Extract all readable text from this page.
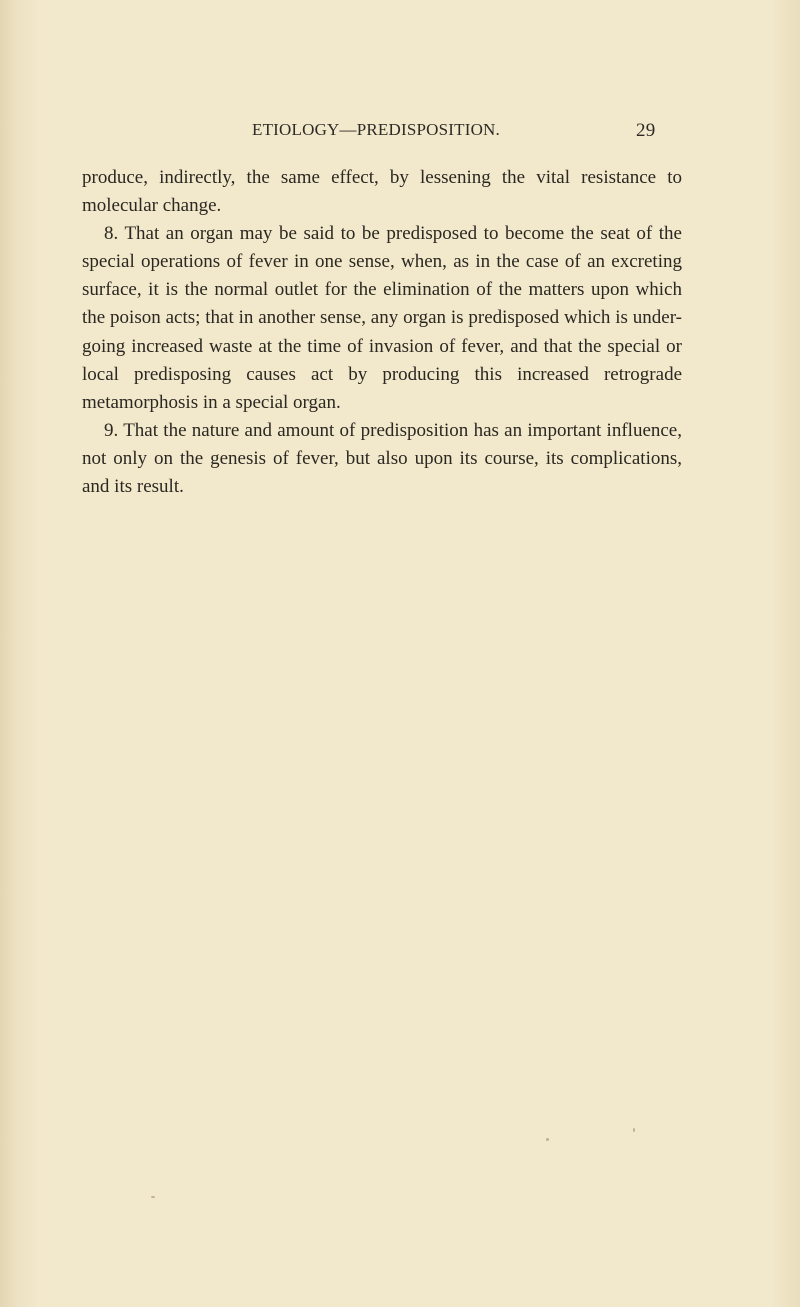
ETIOLOGY—PREDISPOSITION.	29

produce, indirectly, the same effect, by lessening the vital resistance to molecular change.

8. That an organ may be said to be predisposed to become the seat of the special operations of fever in one sense, when, as in the case of an excreting surface, it is the normal outlet for the elimination of the matters upon which the poison acts; that in another sense, any organ is predisposed which is under-going increased waste at the time of invasion of fever, and that the special or local predisposing causes act by producing this increased retrograde metamorphosis in a special organ.

9. That the nature and amount of predisposition has an important influence, not only on the genesis of fever, but also upon its course, its complications, and its result.
